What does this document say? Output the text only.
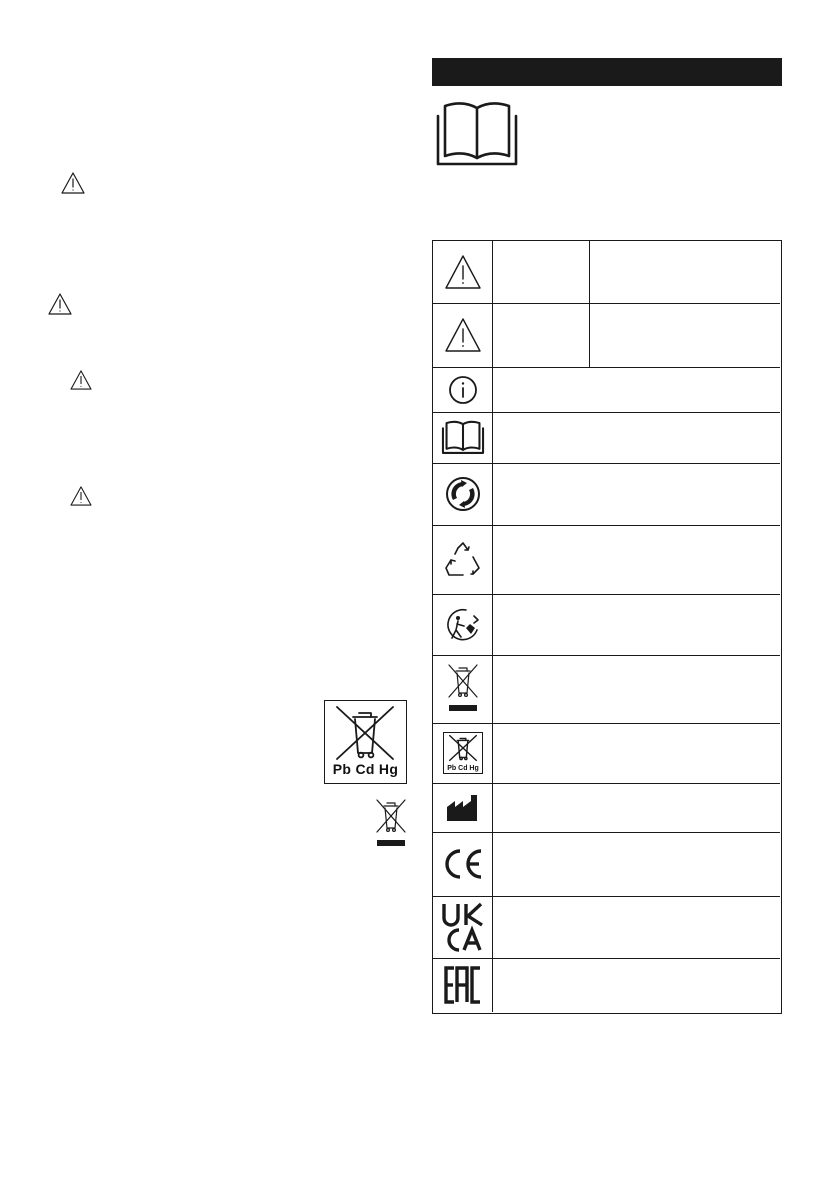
Pb Cd Hg	Pb Cd Hg
